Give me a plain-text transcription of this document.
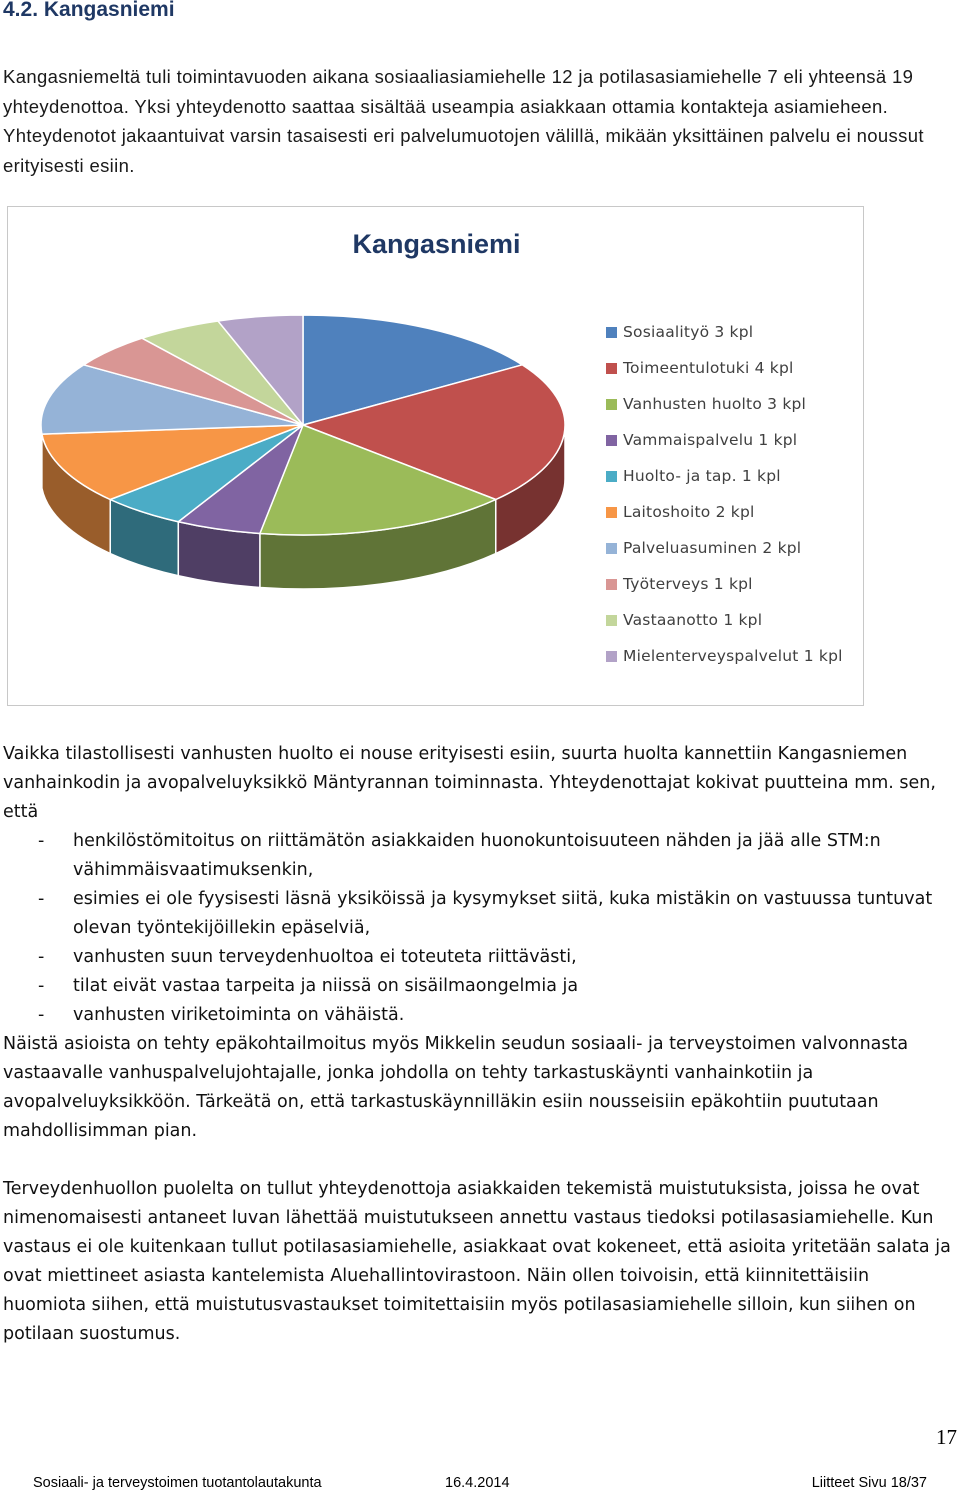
4.2. Kangasniemi

Kangasniemeltä tuli toimintavuoden aikana sosiaaliasiamiehelle 12 ja potilasasiamiehelle 7 eli yhteensä 19 yhteydenottoa. Yksi yhteydenotto saattaa sisältää useampia asiakkaan ottamia kontakteja asiamieheen. Yhteydenotot jakaantuivat varsin tasaisesti eri palvelumuotojen välillä, mikään yksittäinen palvelu ei noussut erityisesti esiin.

Kangasniemi
Sosiaalityö 3 kpl
Toimeentulotuki 4 kpl
Vanhusten huolto 3 kpl
Vammaispalvelu 1 kpl
Huolto- ja tap. 1 kpl
Laitoshoito 2 kpl
Palveluasuminen 2 kpl
Työterveys 1 kpl
Vastaanotto 1 kpl
Mielenterveyspalvelut 1 kpl

Vaikka tilastollisesti vanhusten huolto ei nouse erityisesti esiin, suurta huolta kannettiin Kangasniemen vanhainkodin ja avopalveluyksikkö Mäntyrannan toiminnasta. Yhteydenottajat kokivat puutteina mm. sen, että

-	henkilöstömitoitus on riittämätön asiakkaiden huonokuntoisuuteen nähden ja jää alle STM:n vähimmäisvaatimuksenkin,
-	esimies ei ole fyysisesti läsnä yksiköissä ja kysymykset siitä, kuka mistäkin on vastuussa tuntuvat olevan työntekijöillekin epäselviä,
-	vanhusten suun terveydenhuoltoa ei toteuteta riittävästi,
-	tilat eivät vastaa tarpeita ja niissä on sisäilmaongelmia ja
-	vanhusten viriketoiminta on vähäistä.

Näistä asioista on tehty epäkohtailmoitus myös Mikkelin seudun sosiaali- ja terveystoimen valvonnasta vastaavalle vanhuspalvelujohtajalle, jonka johdolla on tehty tarkastuskäynti vanhainkotiin ja avopalveluyksikköön. Tärkeätä on, että tarkastuskäynnilläkin esiin nousseisiin epäkohtiin puututaan mahdollisimman pian.

Terveydenhuollon puolelta on tullut yhteydenottoja asiakkaiden tekemistä muistutuksista, joissa he ovat nimenomaisesti antaneet luvan lähettää muistutukseen annettu vastaus tiedoksi potilasasiamiehelle. Kun vastaus ei ole kuitenkaan tullut potilasasiamiehelle, asiakkaat ovat kokeneet, että asioita yritetään salata ja ovat miettineet asiasta kantelemista Aluehallintovirastoon. Näin ollen toivoisin, että kiinnitettäisiin huomiota siihen, että muistutusvastaukset toimitettaisiin myös potilasasiamiehelle silloin, kun siihen on potilaan suostumus.

17
Sosiaali- ja terveystoimen tuotantolautakunta	16.4.2014	Liitteet Sivu 18/37
